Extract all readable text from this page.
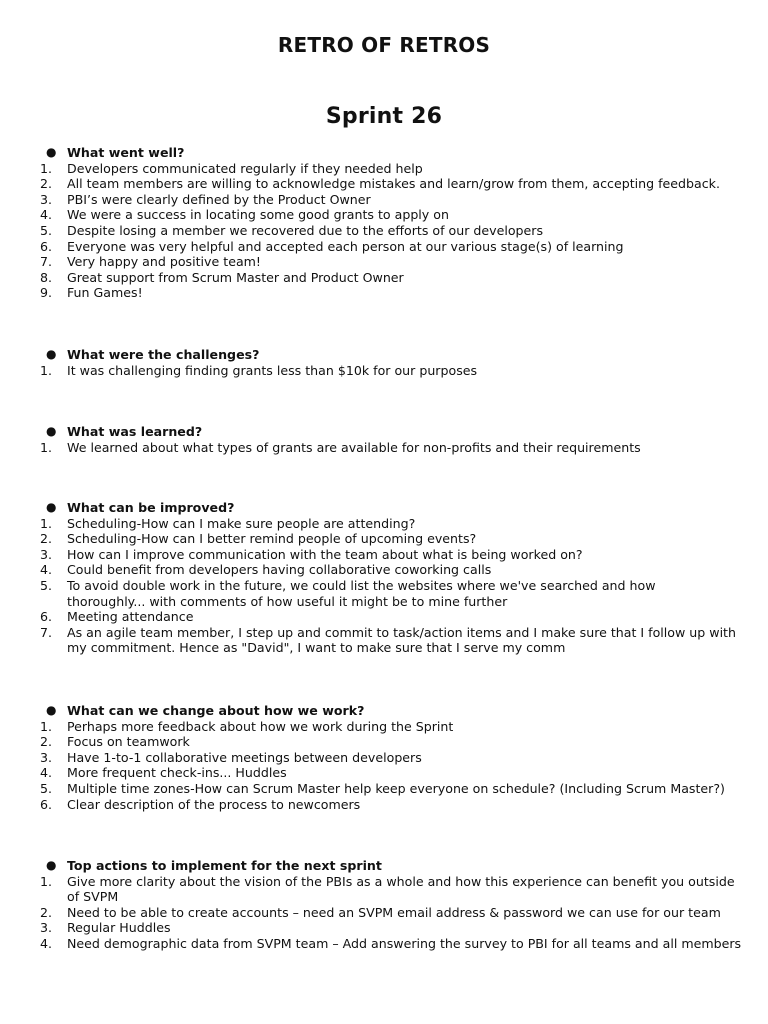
RETRO OF RETROS
Sprint 26
● What went well?
1.	Developers communicated regularly if they needed help
2.	All team members are willing to acknowledge mistakes and learn/grow from them, accepting feedback.
3.	PBI’s were clearly defined by the Product Owner
4.	We were a success in locating some good grants to apply on
5.	Despite losing a member we recovered due to the efforts of our developers
6.	Everyone was very helpful and accepted each person at our various stage(s) of learning
7.	Very happy and positive team!
8.	Great support from Scrum Master and Product Owner
9.	Fun Games!
● What were the challenges?
1.	It was challenging finding grants less than $10k for our purposes
● What was learned?
1.	We learned about what types of grants are available for non-profits and their requirements
● What can be improved?
1.	Scheduling-How can I make sure people are attending?
2.	Scheduling-How can I better remind people of upcoming events?
3.	How can I improve communication with the team about what is being worked on?
4.	Could benefit from developers having collaborative coworking calls
5.	To avoid double work in the future, we could list the websites where we've searched and how thoroughly... with comments of how useful it might be to mine further
6.	Meeting attendance
7.	As an agile team member, I step up and commit to task/action items and I make sure that I follow up with my commitment. Hence as "David", I want to make sure that I serve my comm
● What can we change about how we work?
1.	Perhaps more feedback about how we work during the Sprint
2.	Focus on teamwork
3.	Have 1-to-1 collaborative meetings between developers
4.	More frequent check-ins... Huddles
5.	Multiple time zones-How can Scrum Master help keep everyone on schedule? (Including Scrum Master?)
6.	Clear description of the process to newcomers
● Top actions to implement for the next sprint
1.	Give more clarity about the vision of the PBIs as a whole and how this experience can benefit you outside of SVPM
2.	Need to be able to create accounts – need an SVPM email address & password we can use for our team
3.	Regular Huddles
4.	Need demographic data from SVPM team – Add answering the survey to PBI for all teams and all members
